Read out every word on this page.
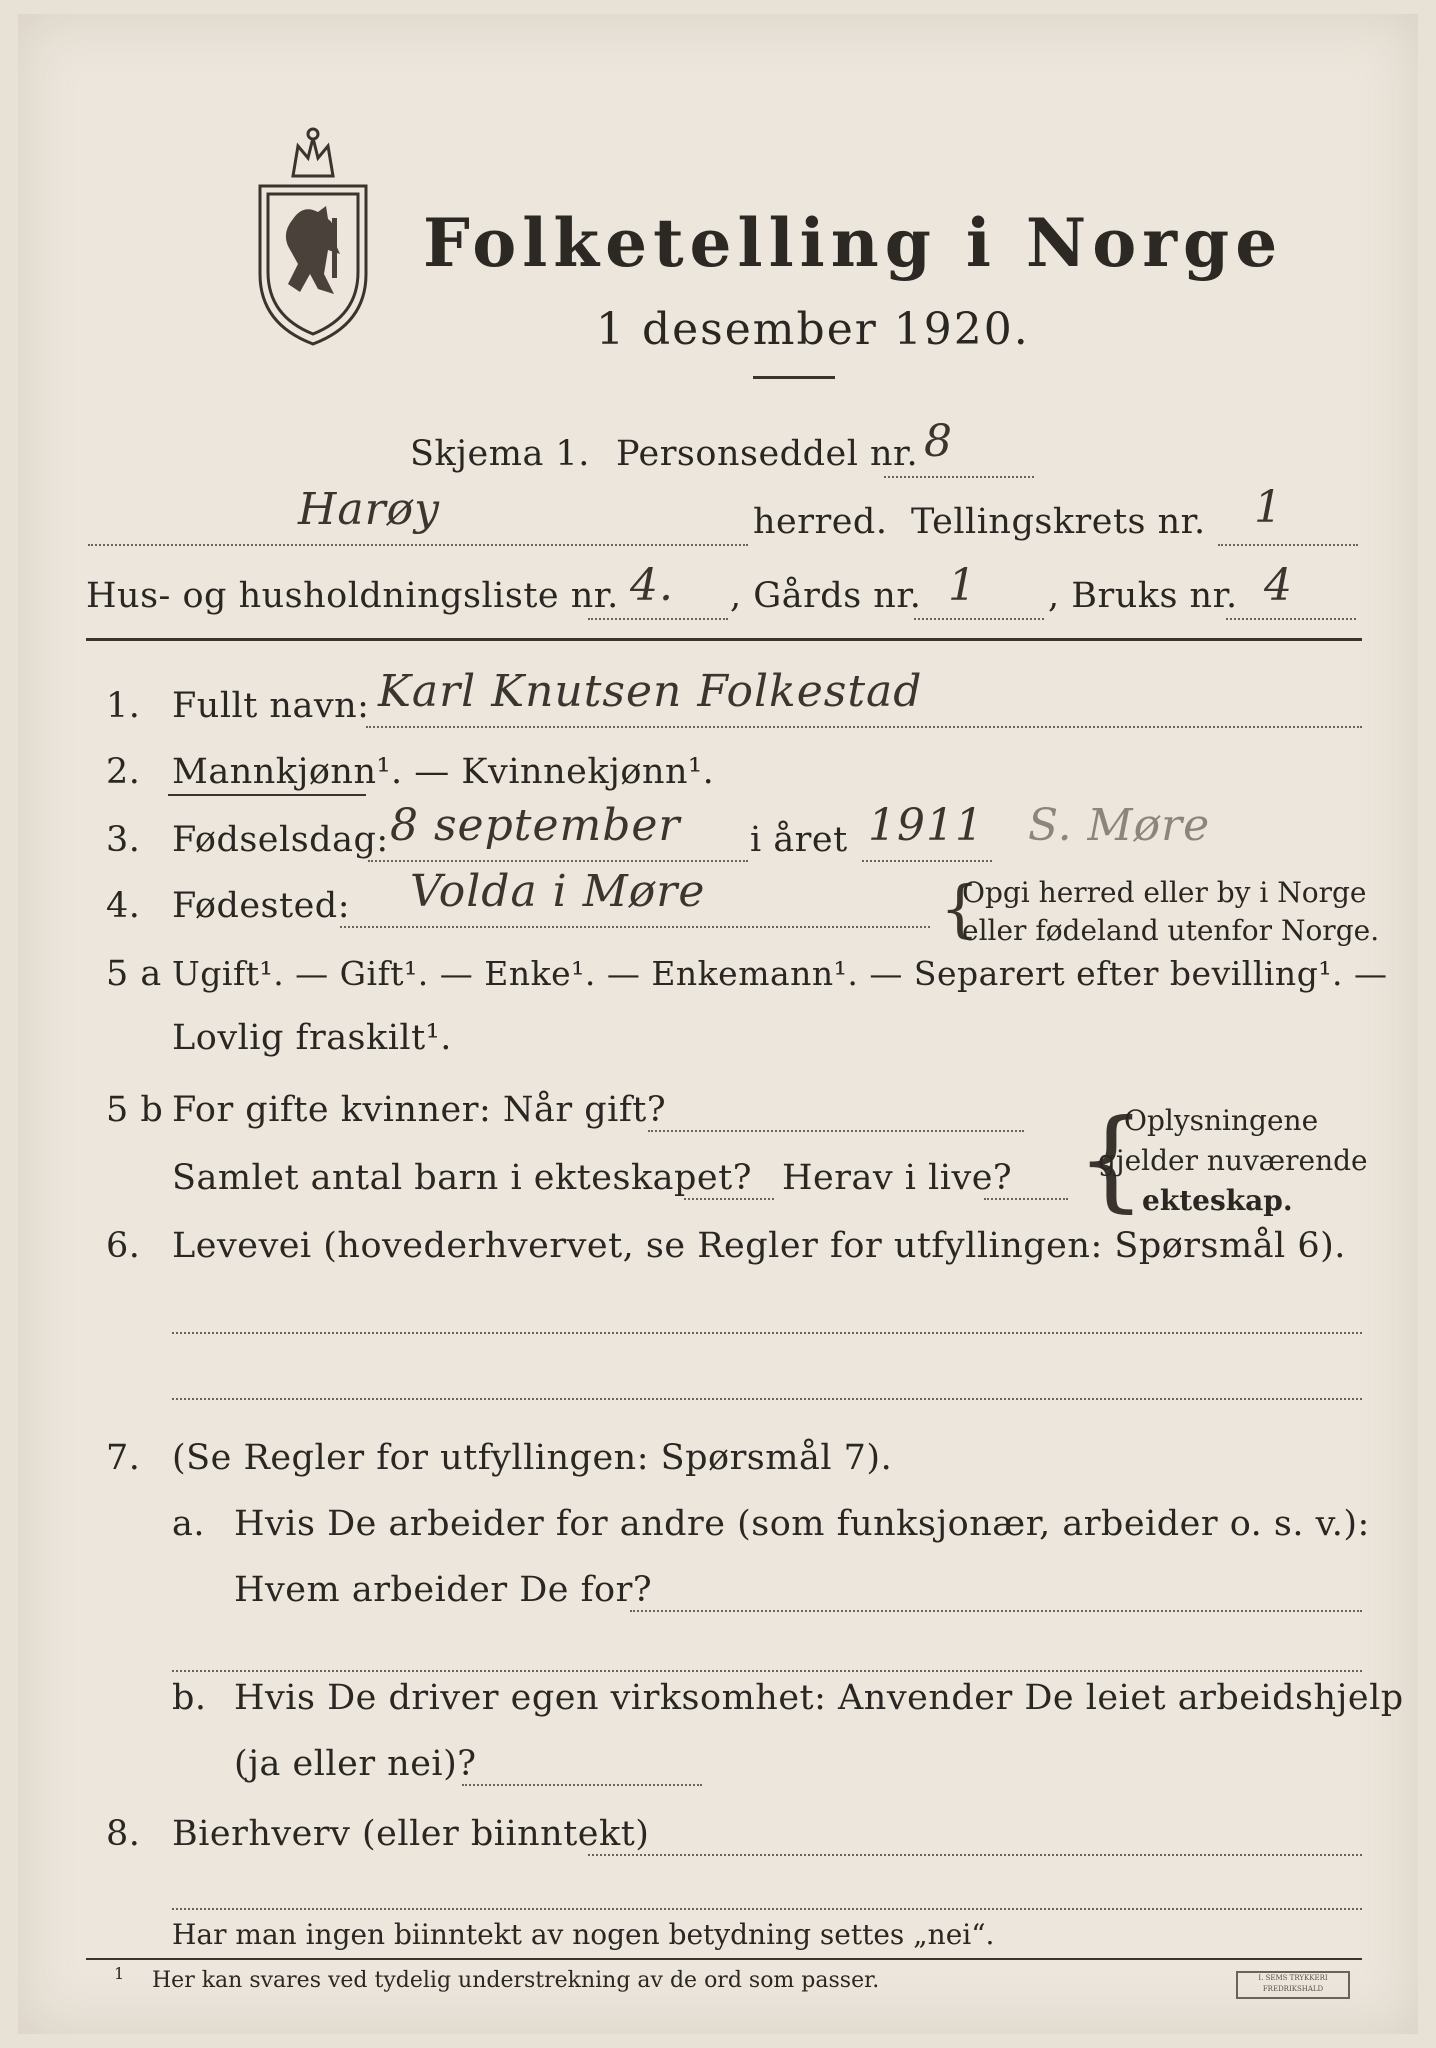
Folketelling i Norge
1 desember 1920.
Skjema 1. Personseddel nr. 8
Harøy	herred. Tellingskrets nr. 1
Hus- og husholdningsliste nr. 4. , Gårds nr. 1 , Bruks nr. 4
1. Fullt navn: Karl Knutsen Folkestad
2. Mannkjønn¹. — Kvinnekjønn¹.
3. Fødselsdag: 8 september i året 1911 S. Møre
4. Fødested: Volda i Møre	{
Opgi herred eller by i Norge
eller fødeland utenfor Norge.
5 a Ugift¹. — Gift¹. — Enke¹. — Enkemann¹. — Separert efter bevilling¹. —
Lovlig fraskilt¹.
5 b For gifte kvinner: Når gift?
Samlet antal barn i ekteskapet? Herav i live? {
Oplysningene
gjelder nuværende
ekteskap.
6. Levevei (hovederhvervet, se Regler for utfyllingen: Spørsmål 6).
7. (Se Regler for utfyllingen: Spørsmål 7).
a. Hvis De arbeider for andre (som funksjonær, arbeider o. s. v.):
Hvem arbeider De for?
b. Hvis De driver egen virksomhet: Anvender De leiet arbeidshjelp
(ja eller nei)?
8. Bierhverv (eller biinntekt)
Har man ingen biinntekt av nogen betydning settes „nei“.
1 Her kan svares ved tydelig understrekning av de ord som passer.	I. SEMS TRYKKERI FREDRIKSHALD
